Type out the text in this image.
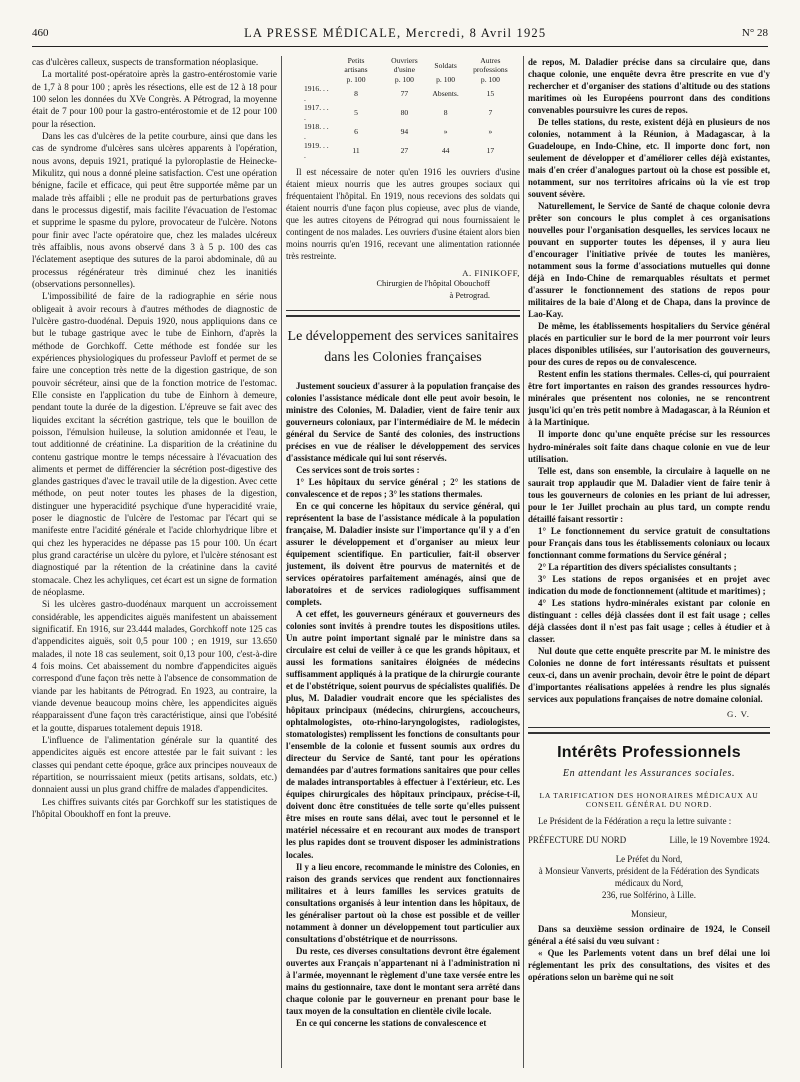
460	LA PRESSE MÉDICALE, Mercredi, 8 Avril 1925	N° 28

cas d'ulcères calleux, suspects de transformation néoplasique.

La mortalité post-opératoire après la gastro-entérostomie varie de 1,7 à 8 pour 100 ; après les résections, elle est de 12 à 18 pour 100 selon les données du XVe Congrès. A Pétrograd, la moyenne était de 7 pour 100 pour la gastro-entérostomie et de 12 pour 100 pour la résection.

Dans les cas d'ulcères de la petite courbure, ainsi que dans les cas de syndrome d'ulcères sans ulcères apparents à l'opération, nous avons, depuis 1921, pratiqué la pyloroplastie de Heinecke-Mikulitz, qui nous a donné pleine satisfaction. C'est une opération bénigne, facile et efficace, qui peut être supportée même par un malade très affaibli ; elle ne produit pas de perturbations graves dans le processus digestif, mais facilite l'évacuation de l'estomac et supprime le spasme du pylore, provocateur de l'ulcère. Notons pour finir avec l'acte opératoire que, chez les malades ulcéreux très affaiblis, nous avons observé dans 3 à 5 p. 100 des cas l'éclatement aseptique des sutures de la paroi abdominale, dû au processus régénérateur très diminué chez les inanitiés (observations personnelles).

L'impossibilité de faire de la radiographie en série nous obligeait à avoir recours à d'autres méthodes de diagnostic de l'ulcère gastro-duodénal. Depuis 1920, nous appliquions dans ce but le tubage gastrique avec le tube de Einhorn, d'après la méthode de Gorchkoff. Cette méthode est fondée sur les expériences physiologiques du professeur Pavloff et permet de se faire une conception très nette de la digestion gastrique, de son pouvoir sécréteur, ainsi que de la fonction motrice de l'estomac. Elle consiste en l'application du tube de Einhorn à demeure, pendant toute la durée de la digestion. L'épreuve se fait avec des liquides excitant la sécrétion gastrique, tels que le bouillon de poisson, l'émulsion huileuse, la solution amidonnée et l'eau, le tout additionné de créatinine. La disparition de la créatinine du contenu gastrique montre le temps nécessaire à l'évacuation des aliments et permet de différencier la sécrétion post-digestive des glandes gastriques d'avec le travail utile de la digestion. Avec cette méthode, on peut noter toutes les phases de la digestion, distinguer une hyperacidité psychique d'une hyperacidité vraie, poser le diagnostic de l'ulcère de l'estomac par l'écart qui se manifeste entre l'acidité générale et l'acide chlorhydrique libre et qui chez les hyperacides ne dépasse pas 15 pour 100. Un écart plus grand caractérise un ulcère du pylore, et l'ulcère sténosant est diagnostiqué par la rétention de la créatinine dans la cavité stomacale. Chez les achyliques, cet écart est un signe de formation de néoplasme.

Si les ulcères gastro-duodénaux marquent un accroissement considérable, les appendicites aiguës manifestent un abaissement significatif. En 1916, sur 23.444 malades, Gorchkoff note 125 cas d'appendicites aiguës, soit 0,5 pour 100 ; en 1919, sur 13.650 malades, il note 18 cas seulement, soit 0,13 pour 100, c'est-à-dire 4 fois moins. Cet abaissement du nombre d'appendicites aiguës correspond d'une façon très nette à l'absence de consommation de viande par les habitants de Pétrograd. En 1923, au contraire, la viande devenue beaucoup moins chère, les appendicites aiguës réapparaissent d'une façon très caractéristique, ainsi que l'obésité et la goutte, disparues totalement depuis 1918.

L'influence de l'alimentation générale sur la quantité des appendicites aiguës est encore attestée par le fait suivant : les classes qui pendant cette époque, grâce aux principes nouveaux de répartition, se nourrissaient mieux (petits artisans, soldats, etc.) donnaient aussi un plus grand chiffre de malades d'appendicites.

Les chiffres suivants cités par Gorchkoff sur les statistiques de l'hôpital Oboukhoff en font la preuve.

	Petits artisans	Ouvriers d'usine	Soldats	Autres professions
	p. 100	p. 100	p. 100	p. 100
1916. . . .	8	77	Absents.	15
1917. . . .	5	80	8	7
1918. . . .	6	94	»	»
1919. . . .	11	27	44	17

Il est nécessaire de noter qu'en 1916 les ouvriers d'usine étaient mieux nourris que les autres groupes sociaux qui fréquentaient l'hôpital. En 1919, nous recevions des soldats qui étaient nourris d'une façon plus copieuse, avec plus de viande, que les autres citoyens de Pétrograd qui nous fournissaient le contingent de nos malades. Les ouvriers d'usine étaient alors bien moins nourris qu'en 1916, recevant une alimentation rationnée très restreinte.

A. FINIKOFF,
Chirurgien de l'hôpital Obouchoff
à Petrograd.
Le développement des services sanitaires dans les Colonies françaises

Justement soucieux d'assurer à la population française des colonies l'assistance médicale dont elle peut avoir besoin, le ministre des Colonies, M. Daladier, vient de faire tenir aux gouverneurs coloniaux, par l'intermédiaire de M. le médecin général du Service de Santé des colonies, des instructions précises en vue de réaliser le développement des services d'assistance médicale qui lui sont réservés.

Ces services sont de trois sortes :

1° Les hôpitaux du service général ; 2° les stations de convalescence et de repos ; 3° les stations thermales.

En ce qui concerne les hôpitaux du service général, qui représentent la base de l'assistance médicale à la population française, M. Daladier insiste sur l'importance qu'il y a d'en assurer le développement et d'organiser au mieux leur équipement scientifique. En particulier, fait-il observer justement, ils doivent être pourvus de maternités et de services opératoires parfaitement aménagés, ainsi que de laboratoires et de services radiologiques suffisamment complets.

A cet effet, les gouverneurs généraux et gouverneurs des colonies sont invités à prendre toutes les dispositions utiles. Un autre point important signalé par le ministre dans sa circulaire est celui de veiller à ce que les grands hôpitaux, et aussi les formations sanitaires éloignées de médecins suffisamment appliqués à la pratique de la chirurgie courante et de l'obstétrique, soient pourvus de spécialistes qualifiés. De plus, M. Daladier voudrait encore que les spécialistes des hôpitaux principaux (médecins, chirurgiens, accoucheurs, ophtalmologistes, oto-rhino-laryngologistes, radiologistes, stomatologistes) remplissent les fonctions de consultants pour l'ensemble de la colonie et fussent soumis aux ordres du directeur du Service de Santé, tant pour les opérations demandées par d'autres formations sanitaires que pour celles de malades intransportables à effectuer à l'extérieur, etc. Les équipes chirurgicales des hôpitaux principaux, précise-t-il, doivent donc être constituées de telle sorte qu'elles puissent être mises en route sans délai, avec tout le personnel et le matériel nécessaire et en recourant aux modes de transport les plus rapides dont se trouvent disposer les administrations locales.

Il y a lieu encore, recommande le ministre des Colonies, en raison des grands services que rendent aux fonctionnaires militaires et à leurs familles les services gratuits de consultations organisés à leur intention dans les hôpitaux, de les généraliser partout où la chose est possible et de veiller notamment à donner un développement tout particulier aux consultations d'obstétrique et de nourrissons.

Du reste, ces diverses consultations devront être également ouvertes aux Français n'appartenant ni à l'administration ni à l'armée, moyennant le règlement d'une taxe versée entre les mains du gestionnaire, taxe dont le montant sera arrêté dans chaque colonie par le gouverneur en prenant pour base le taux moyen de la consultation en clientèle civile locale.

En ce qui concerne les stations de convalescence et

de repos, M. Daladier précise dans sa circulaire que, dans chaque colonie, une enquête devra être prescrite en vue d'y rechercher et d'organiser des stations d'altitude ou des stations maritimes où les Européens pourront dans des conditions convenables poursuivre les cures de repos.

De telles stations, du reste, existent déjà en plusieurs de nos colonies, notamment à la Réunion, à Madagascar, à la Guadeloupe, en Indo-Chine, etc. Il importe donc fort, non seulement de développer et d'améliorer celles déjà existantes, mais d'en créer d'analogues partout où la chose est possible et, notamment, sur nos territoires africains où la vie est trop souvent sévère.

Naturellement, le Service de Santé de chaque colonie devra prêter son concours le plus complet à ces organisations nouvelles pour l'organisation desquelles, les services locaux ne pouvant en supporter toutes les dépenses, il y aura lieu d'encourager l'initiative privée de toutes les manières, notamment sous la forme d'associations mutuelles qui donne déjà en Indo-Chine de remarquables résultats et permet d'assurer le fonctionnement des stations de repos pour militaires de la baie d'Along et de Chapa, dans la province de Lao-Kay.

De même, les établissements hospitaliers du Service général placés en particulier sur le bord de la mer pourront voir leurs places disponibles utilisées, sur l'autorisation des gouverneurs, pour des cures de repos ou de convalescence.

Restent enfin les stations thermales. Celles-ci, qui pourraient être fort importantes en raison des grandes ressources hydro-minérales que présentent nos colonies, ne se rencontrent jusqu'ici qu'en très petit nombre à Madagascar, à la Réunion et à la Martinique.

Il importe donc qu'une enquête précise sur les ressources hydro-minérales soit faite dans chaque colonie en vue de leur utilisation.

Telle est, dans son ensemble, la circulaire à laquelle on ne saurait trop applaudir que M. Daladier vient de faire tenir à tous les gouverneurs de colonies en les priant de lui adresser, pour le 1er Juillet prochain au plus tard, un compte rendu détaillé faisant ressortir :

1° Le fonctionnement du service gratuit de consultations pour Français dans tous les établissements coloniaux ou locaux fonctionnant comme formations du Service général ;

2° La répartition des divers spécialistes consultants ;

3° Les stations de repos organisées et en projet avec indication du mode de fonctionnement (altitude et maritimes) ;

4° Les stations hydro-minérales existant par colonie en distinguant : celles déjà classées dont il est fait usage ; celles déjà classées dont il n'est pas fait usage ; celles à étudier et à classer.

Nul doute que cette enquête prescrite par M. le ministre des Colonies ne donne de fort intéressants résultats et puissent ceux-ci, dans un avenir prochain, devoir être le point de départ d'importantes réalisations appelées à rendre les plus signalés services aux populations françaises de notre domaine colonial.

G. V.
Intérêts Professionnels
En attendant les Assurances sociales.
LA TARIFICATION DES HONORAIRES MÉDICAUX AU CONSEIL GÉNÉRAL DU NORD.

Le Président de la Fédération a reçu la lettre suivante :

PRÉFECTURE DU NORD	Lille, le 19 Novembre 1924.
Le Préfet du Nord,
à Monsieur Vanverts, président de la Fédération des Syndicats médicaux du Nord,
236, rue Solférino, à Lille.
Monsieur,

Dans sa deuxième session ordinaire de 1924, le Conseil général a été saisi du vœu suivant :

« Que les Parlements votent dans un bref délai une loi réglementant les prix des consultations, des visites et des opérations selon un barème qui ne soit
